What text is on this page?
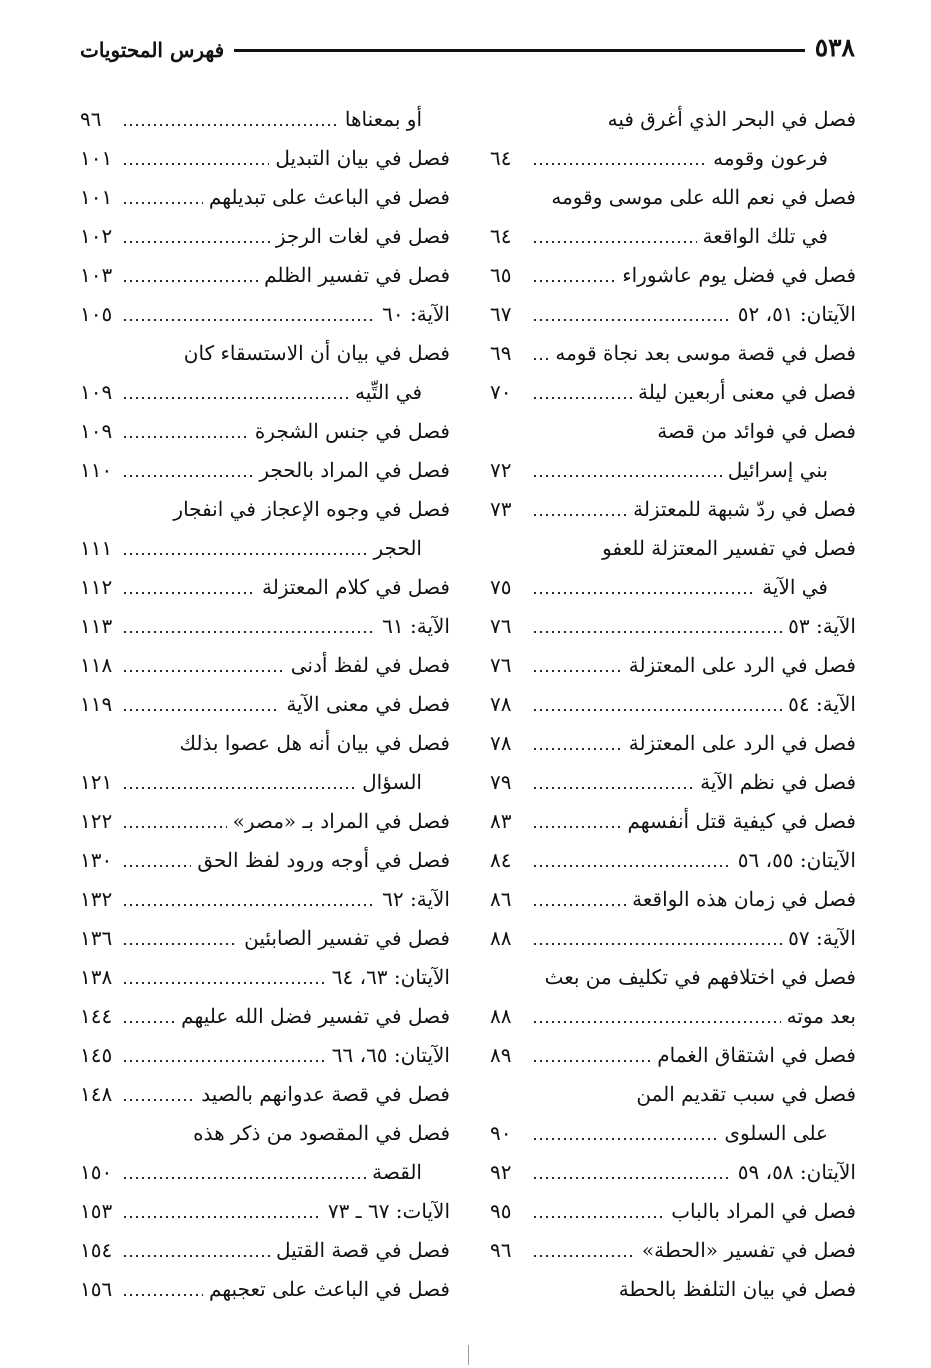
٥٣٨
فهرس المحتويات
فصل في البحر الذي أغرق فيه
فرعون وقومه
٦٤
فصل في نعم الله على موسى وقومه
في تلك الواقعة
٦٤
فصل في فضل يوم عاشوراء
٦٥
الآيتان: ٥١، ٥٢
٦٧
فصل في قصة موسى بعد نجاة قومه
٦٩
فصل في معنى أربعين ليلة
٧٠
فصل في فوائد من قصة
بني إسرائيل
٧٢
فصل في ردّ شبهة للمعتزلة
٧٣
فصل في تفسير المعتزلة للعفو
في الآية
٧٥
الآية: ٥٣
٧٦
فصل في الرد على المعتزلة
٧٦
الآية: ٥٤
٧٨
فصل في الرد على المعتزلة
٧٨
فصل في نظم الآية
٧٩
فصل في كيفية قتل أنفسهم
٨٣
الآيتان: ٥٥، ٥٦
٨٤
فصل في زمان هذه الواقعة
٨٦
الآية: ٥٧
٨٨
فصل في اختلافهم في تكليف من بعث
بعد موته
٨٨
فصل في اشتقاق الغمام
٨٩
فصل في سبب تقديم المن
على السلوى
٩٠
الآيتان: ٥٨، ٥٩
٩٢
فصل في المراد بالباب
٩٥
فصل في تفسير «الحطة»
٩٦
فصل في بيان التلفظ بالحطة
أو بمعناها
٩٦
فصل في بيان التبديل
١٠١
فصل في الباعث على تبديلهم
١٠١
فصل في لغات الرجز
١٠٢
فصل في تفسير الظلم
١٠٣
الآية: ٦٠
١٠٥
فصل في بيان أن الاستسقاء كان
في التِّيه
١٠٩
فصل في جنس الشجرة
١٠٩
فصل في المراد بالحجر
١١٠
فصل في وجوه الإعجاز في انفجار
الحجر
١١١
فصل في كلام المعتزلة
١١٢
الآية: ٦١
١١٣
فصل في لفظ أدنى
١١٨
فصل في معنى الآية
١١٩
فصل في بيان أنه هل عصوا بذلك
السؤال
١٢١
فصل في المراد بـ «مصر»
١٢٢
فصل في أوجه ورود لفظ الحق
١٣٠
الآية: ٦٢
١٣٢
فصل في تفسير الصابئين
١٣٦
الآيتان: ٦٣، ٦٤
١٣٨
فصل في تفسير فضل الله عليهم
١٤٤
الآيتان: ٦٥، ٦٦
١٤٥
فصل في قصة عدوانهم بالصيد
١٤٨
فصل في المقصود من ذكر هذه
القصة
١٥٠
الآيات: ٦٧ ـ ٧٣
١٥٣
فصل في قصة القتيل
١٥٤
فصل في الباعث على تعجبهم
١٥٦
